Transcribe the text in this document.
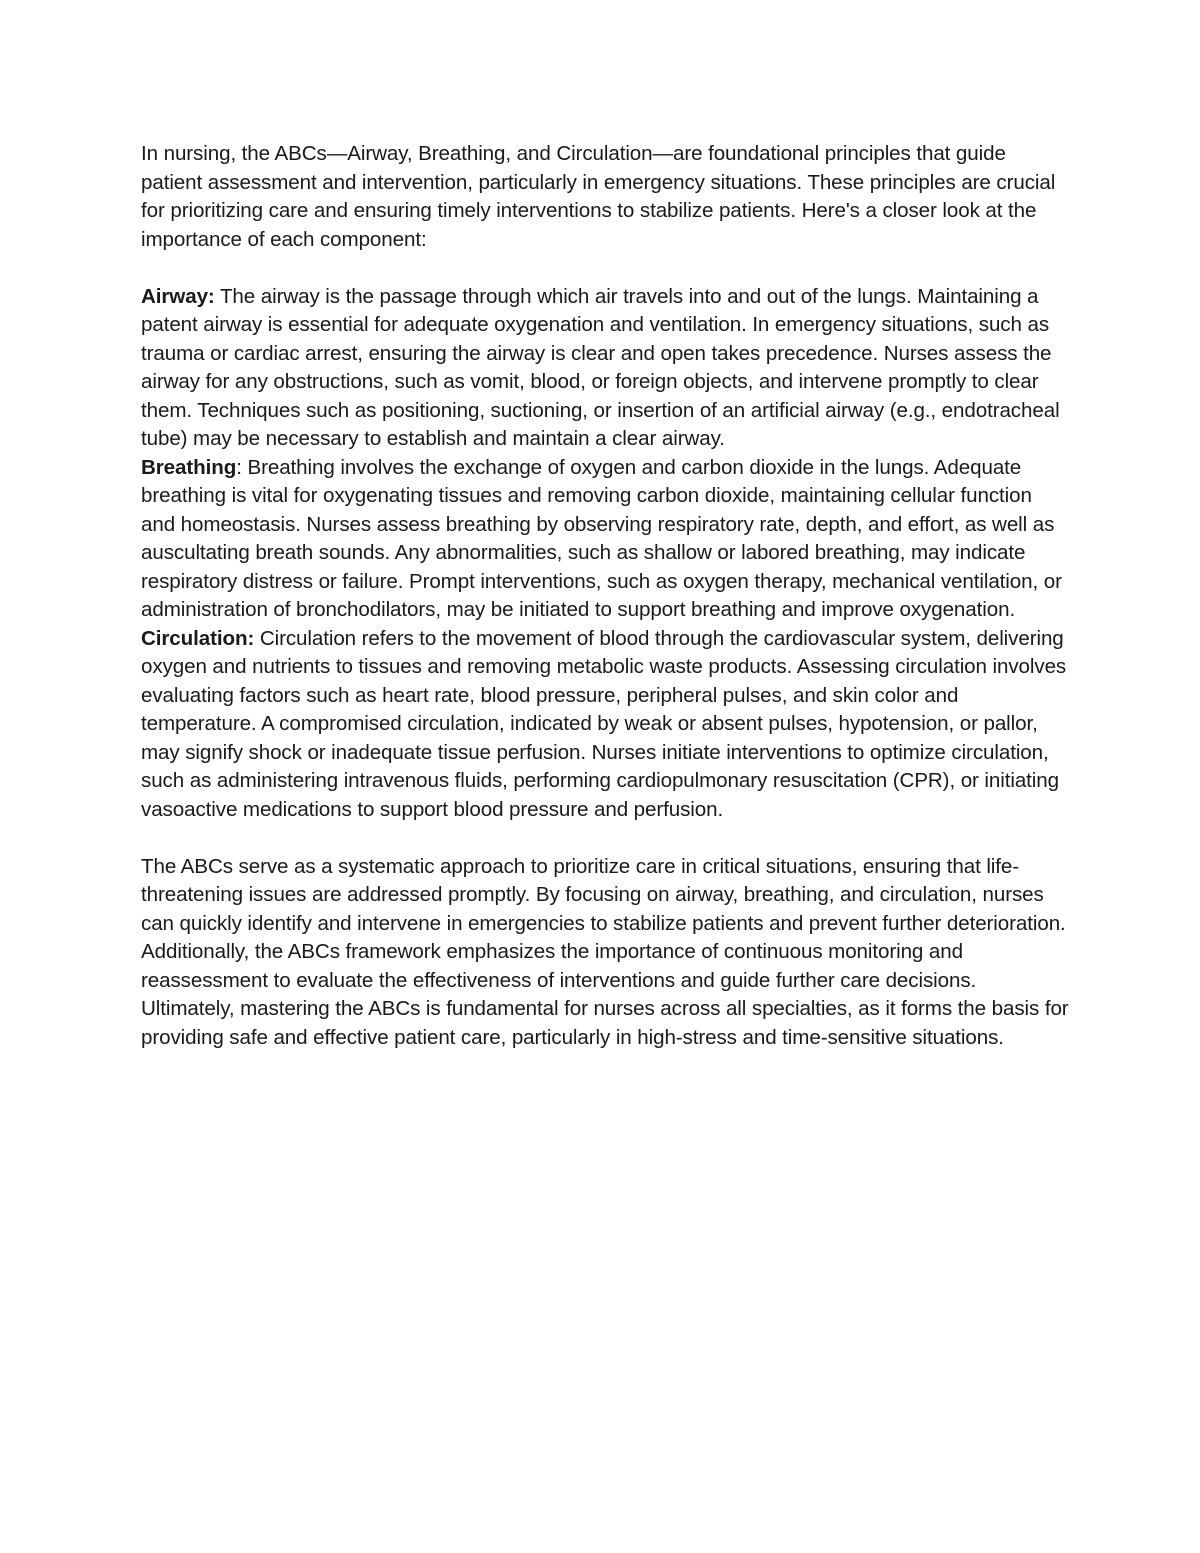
In nursing, the ABCs—Airway, Breathing, and Circulation—are foundational principles that guide patient assessment and intervention, particularly in emergency situations. These principles are crucial for prioritizing care and ensuring timely interventions to stabilize patients. Here's a closer look at the importance of each component:

Airway: The airway is the passage through which air travels into and out of the lungs. Maintaining a patent airway is essential for adequate oxygenation and ventilation. In emergency situations, such as trauma or cardiac arrest, ensuring the airway is clear and open takes precedence. Nurses assess the airway for any obstructions, such as vomit, blood, or foreign objects, and intervene promptly to clear them. Techniques such as positioning, suctioning, or insertion of an artificial airway (e.g., endotracheal tube) may be necessary to establish and maintain a clear airway.

Breathing: Breathing involves the exchange of oxygen and carbon dioxide in the lungs. Adequate breathing is vital for oxygenating tissues and removing carbon dioxide, maintaining cellular function and homeostasis. Nurses assess breathing by observing respiratory rate, depth, and effort, as well as auscultating breath sounds. Any abnormalities, such as shallow or labored breathing, may indicate respiratory distress or failure. Prompt interventions, such as oxygen therapy, mechanical ventilation, or administration of bronchodilators, may be initiated to support breathing and improve oxygenation.

Circulation: Circulation refers to the movement of blood through the cardiovascular system, delivering oxygen and nutrients to tissues and removing metabolic waste products. Assessing circulation involves evaluating factors such as heart rate, blood pressure, peripheral pulses, and skin color and temperature. A compromised circulation, indicated by weak or absent pulses, hypotension, or pallor, may signify shock or inadequate tissue perfusion. Nurses initiate interventions to optimize circulation, such as administering intravenous fluids, performing cardiopulmonary resuscitation (CPR), or initiating vasoactive medications to support blood pressure and perfusion.

The ABCs serve as a systematic approach to prioritize care in critical situations, ensuring that life-threatening issues are addressed promptly. By focusing on airway, breathing, and circulation, nurses can quickly identify and intervene in emergencies to stabilize patients and prevent further deterioration. Additionally, the ABCs framework emphasizes the importance of continuous monitoring and reassessment to evaluate the effectiveness of interventions and guide further care decisions. Ultimately, mastering the ABCs is fundamental for nurses across all specialties, as it forms the basis for providing safe and effective patient care, particularly in high-stress and time-sensitive situations.
